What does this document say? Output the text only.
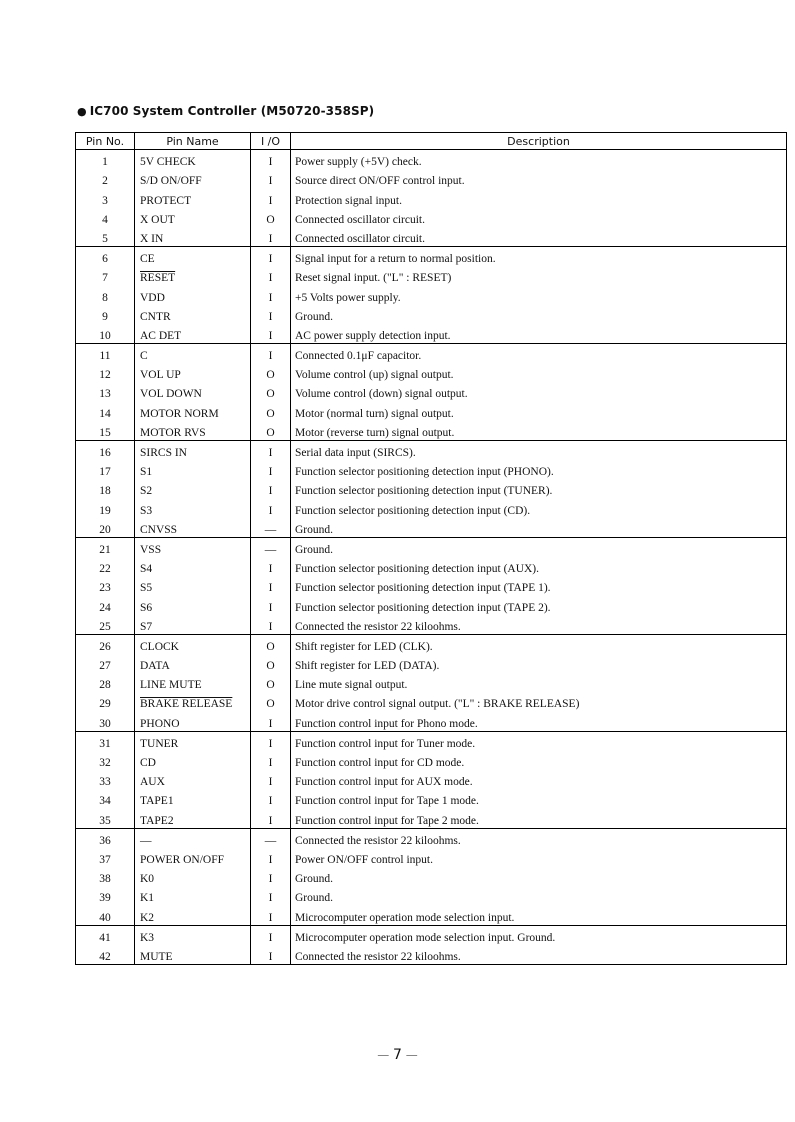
● IC700 System Controller (M50720-358SP)
Pin No.	Pin Name	I /O	Description
1	5V CHECK	I	Power supply (+5V) check.
2	S/D ON/OFF	I	Source direct ON/OFF control input.
3	PROTECT	I	Protection signal input.
4	X OUT	O	Connected oscillator circuit.
5	X IN	I	Connected oscillator circuit.
6	CE	I	Signal input for a return to normal position.
7	RESET	I	Reset signal input. ("L" : RESET)
8	VDD	I	+5 Volts power supply.
9	CNTR	I	Ground.
10	AC DET	I	AC power supply detection input.
11	C	I	Connected 0.1μF capacitor.
12	VOL UP	O	Volume control (up) signal output.
13	VOL DOWN	O	Volume control (down) signal output.
14	MOTOR NORM	O	Motor (normal turn) signal output.
15	MOTOR RVS	O	Motor (reverse turn) signal output.
16	SIRCS IN	I	Serial data input (SIRCS).
17	S1	I	Function selector positioning detection input (PHONO).
18	S2	I	Function selector positioning detection input (TUNER).
19	S3	I	Function selector positioning detection input (CD).
20	CNVSS	—	Ground.
21	VSS	—	Ground.
22	S4	I	Function selector positioning detection input (AUX).
23	S5	I	Function selector positioning detection input (TAPE 1).
24	S6	I	Function selector positioning detection input (TAPE 2).
25	S7	I	Connected the resistor 22 kiloohms.
26	CLOCK	O	Shift register for LED (CLK).
27	DATA	O	Shift register for LED (DATA).
28	LINE MUTE	O	Line mute signal output.
29	BRAKE RELEASE	O	Motor drive control signal output. ("L" : BRAKE RELEASE)
30	PHONO	I	Function control input for Phono mode.
31	TUNER	I	Function control input for Tuner mode.
32	CD	I	Function control input for CD mode.
33	AUX	I	Function control input for AUX mode.
34	TAPE1	I	Function control input for Tape 1 mode.
35	TAPE2	I	Function control input for Tape 2 mode.
36	—	—	Connected the resistor 22 kiloohms.
37	POWER ON/OFF	I	Power ON/OFF control input.
38	K0	I	Ground.
39	K1	I	Ground.
40	K2	I	Microcomputer operation mode selection input.
41	K3	I	Microcomputer operation mode selection input. Ground.
42	MUTE	I	Connected the resistor 22 kiloohms.
— 7 —
